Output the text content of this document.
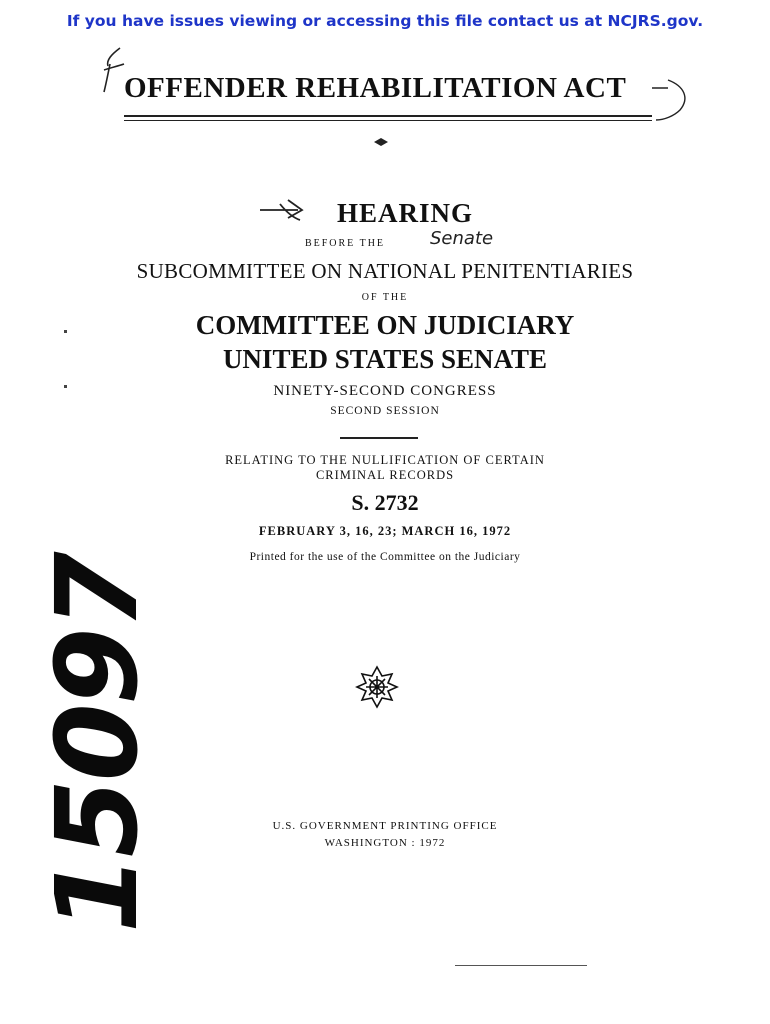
If you have issues viewing or accessing this file contact us at NCJRS.gov.
OFFENDER REHABILITATION ACT
HEARING
BEFORE THE	Senate
SUBCOMMITTEE ON NATIONAL PENITENTIARIES
OF THE
COMMITTEE ON JUDICIARY
UNITED STATES SENATE
NINETY-SECOND CONGRESS
SECOND SESSION
RELATING TO THE NULLIFICATION OF CERTAIN
CRIMINAL RECORDS
S. 2732
FEBRUARY 3, 16, 23; MARCH 16, 1972
Printed for the use of the Committee on the Judiciary
U.S. GOVERNMENT PRINTING OFFICE
WASHINGTON : 1972
15097
